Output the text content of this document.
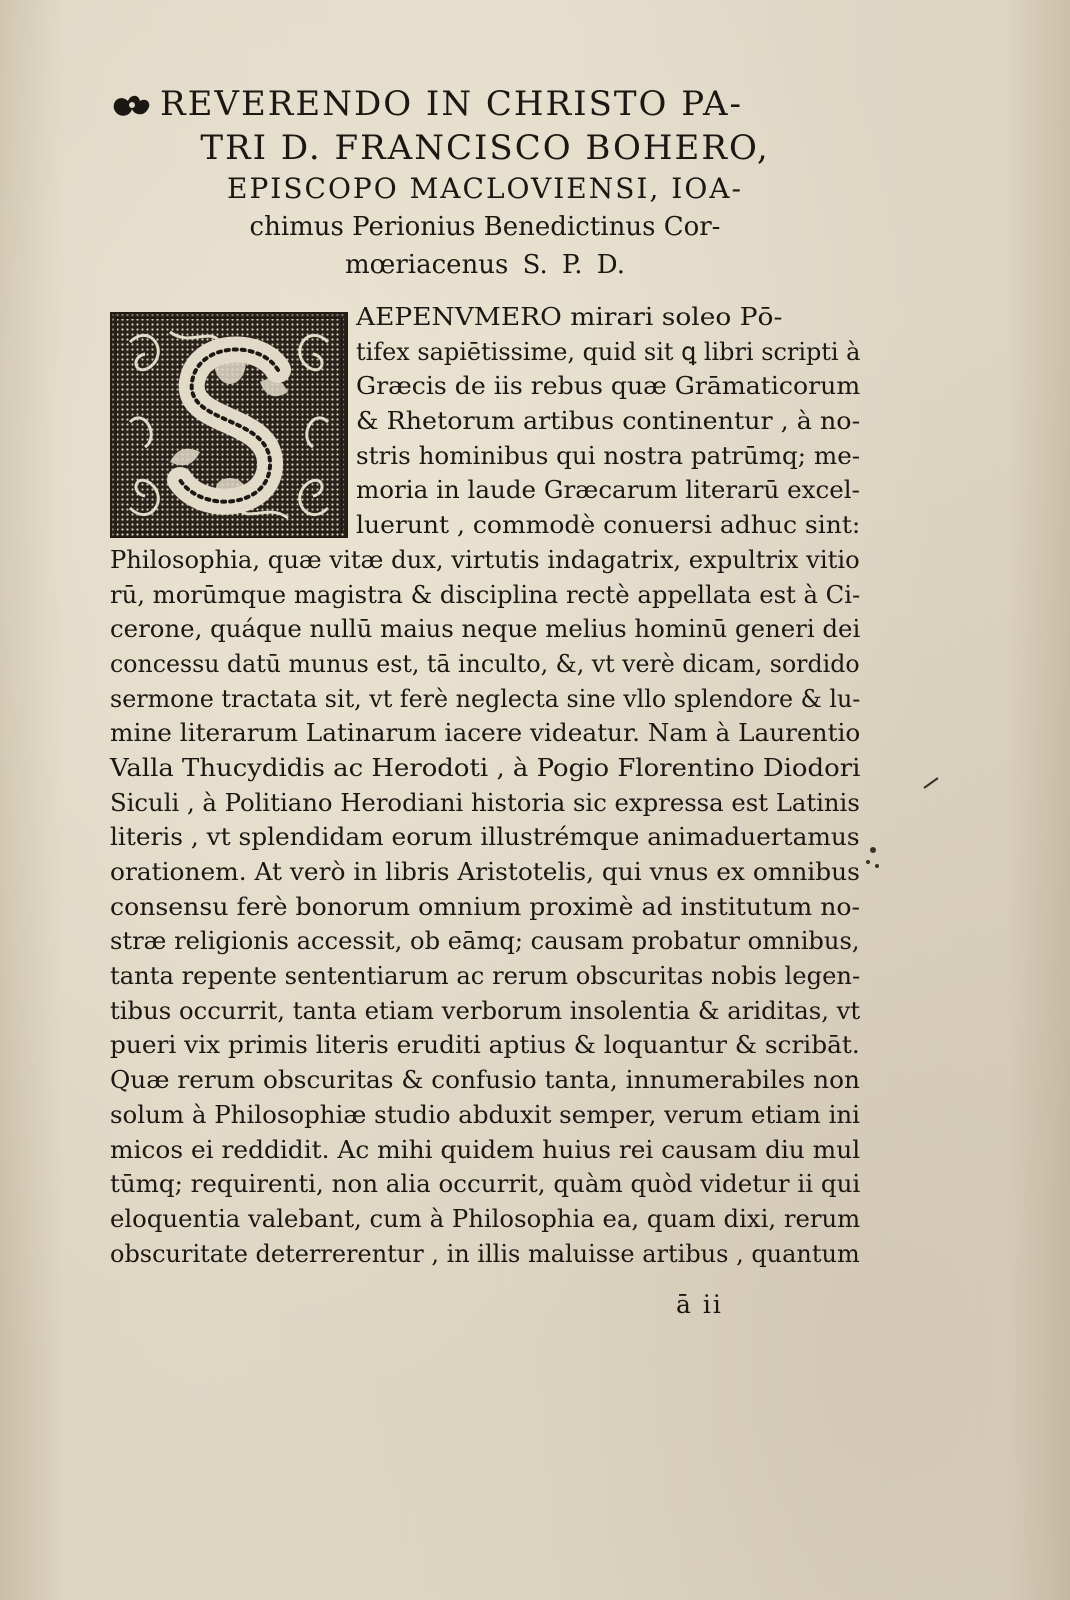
REVERENDO IN CHRISTO PA-
TRI D. FRANCISCO BOHERO,
EPISCOPO MACLOVIENSI, IOA-
chimus Perionius Benedictinus Cor-
mœriacenus S. P. D.
S
AEPENVMERO mirari soleo Pō-
tifex sapiētissime, quid sit ꝗ libri scripti à
Græcis de iis rebus quæ Grāmaticorum
& Rhetorum artibus continentur , à no-
stris hominibus qui nostra patrūmq; me-
moria in laude Græcarum literarū excel-
luerunt , commodè conuersi adhuc sint:
Philosophia, quæ vitæ dux, virtutis indagatrix, expultrix vitio
rū, morūmque magistra & disciplina rectè appellata est à Ci-
cerone, quáque nullū maius neque melius hominū generi dei
concessu datū munus est, tā inculto, &, vt verè dicam, sordido
sermone tractata sit, vt ferè neglecta sine vllo splendore & lu-
mine literarum Latinarum iacere videatur. Nam à Laurentio
Valla Thucydidis ac Herodoti , à Pogio Florentino Diodori
Siculi , à Politiano Herodiani historia sic expressa est Latinis
literis , vt splendidam eorum illustrémque animaduertamus
orationem. At verò in libris Aristotelis, qui vnus ex omnibus
consensu ferè bonorum omnium proximè ad institutum no-
stræ religionis accessit, ob eāmq; causam probatur omnibus,
tanta repente sententiarum ac rerum obscuritas nobis legen-
tibus occurrit, tanta etiam verborum insolentia & ariditas, vt
pueri vix primis literis eruditi aptius & loquantur & scribāt.
Quæ rerum obscuritas & confusio tanta, innumerabiles non
solum à Philosophiæ studio abduxit semper, verum etiam ini
micos ei reddidit. Ac mihi quidem huius rei causam diu mul
tūmq; requirenti, non alia occurrit, quàm quòd videtur ii qui
eloquentia valebant, cum à Philosophia ea, quam dixi, rerum
obscuritate deterrerentur , in illis maluisse artibus , quantum
ā ii
